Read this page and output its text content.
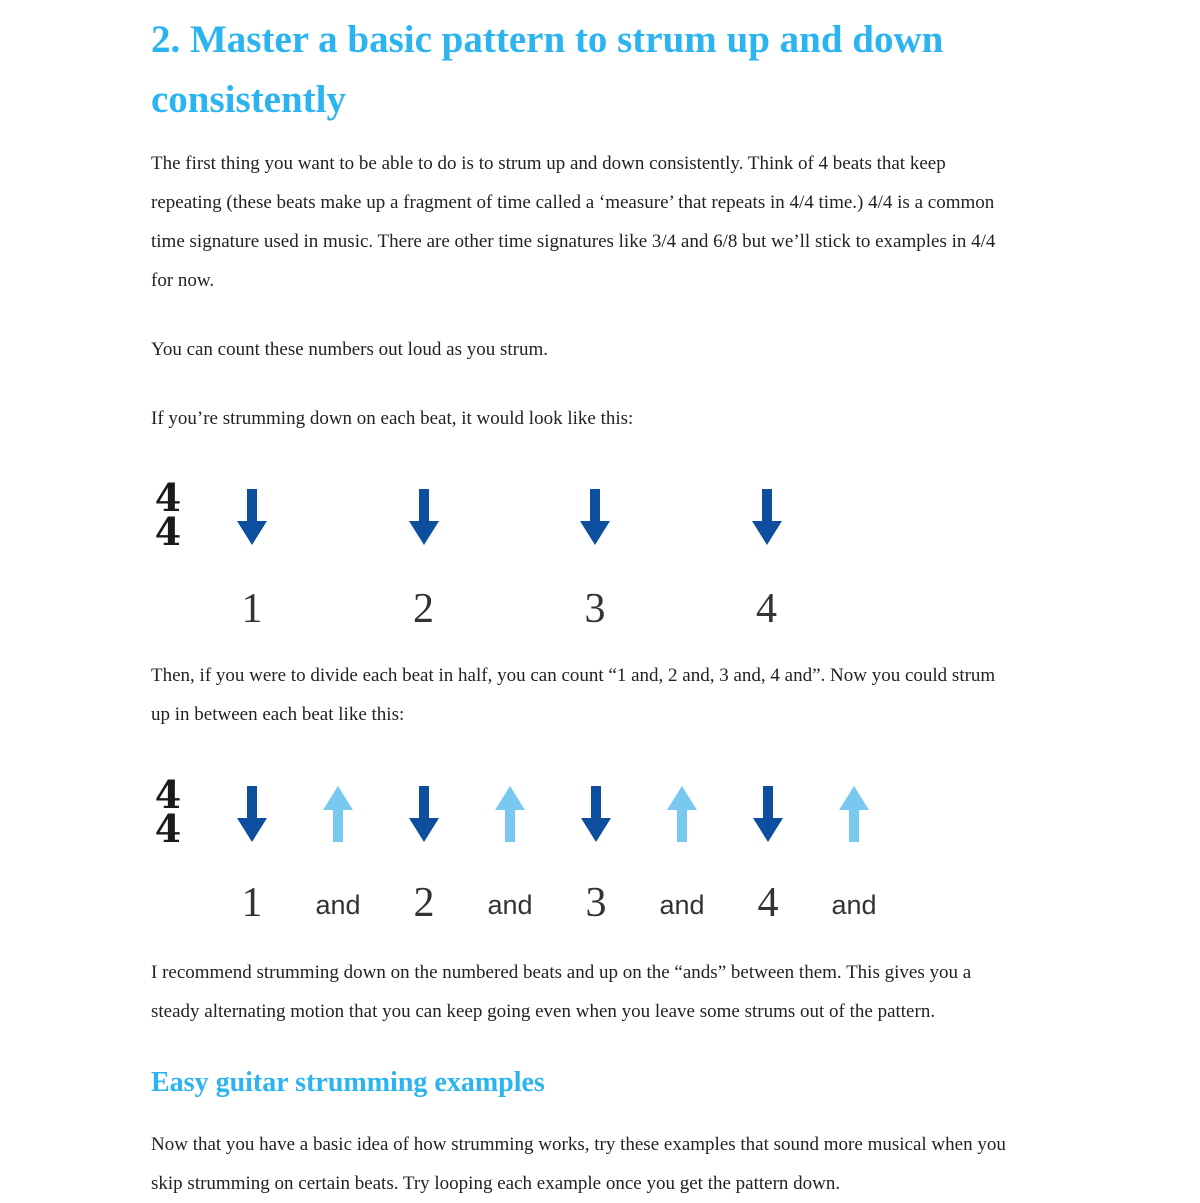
2. Master a basic pattern to strum up and down consistently

The first thing you want to be able to do is to strum up and down consistently. Think of 4 beats that keep repeating (these beats make up a fragment of time called a ‘measure’ that repeats in 4/4 time.) 4/4 is a common time signature used in music. There are other time signatures like 3/4 and 6/8 but we’ll stick to examples in 4/4 for now.

You can count these numbers out loud as you strum.

If you’re strumming down on each beat, it would look like this:

4
4
1	2	3	4

Then, if you were to divide each beat in half, you can count “1 and, 2 and, 3 and, 4 and”. Now you could strum up in between each beat like this:

4
4
1	and	2	and	3	and	4	and

I recommend strumming down on the numbered beats and up on the “ands” between them. This gives you a steady alternating motion that you can keep going even when you leave some strums out of the pattern.

Easy guitar strumming examples

Now that you have a basic idea of how strumming works, try these examples that sound more musical when you skip strumming on certain beats. Try looping each example once you get the pattern down.
